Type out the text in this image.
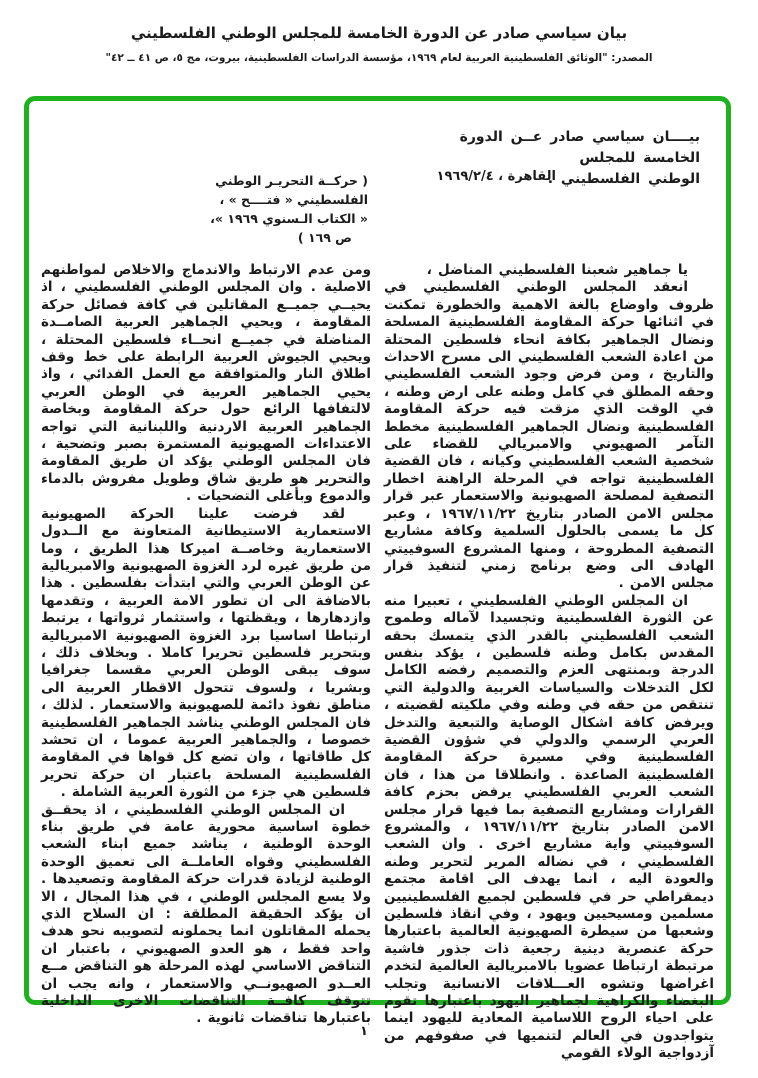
بيان سياسي صادر عن الدورة الخامسة للمجلس الوطني الفلسطيني
المصدر: "الوثائق الفلسطينية العربية لعام ١٩٦٩، مؤسسة الدراسات الفلسطينية، بيروت، مج ٥، ص ٤١ ــ ٤٢"
بيــــان سياسي صادر عــن الدورة الخامسة للمجلس
الوطني الفلسطيني .
القاهرة ، ١٩٦٩/٢/٤
( حركــة التحريـر الوطني
الفلسطيني « فتــــح » ،
« الكتاب الـسنوي ١٩٦٩ »،
ص ١٦٩ )

يا جماهير شعبنا الفلسطيني المناضل ،

انعقد المجلس الوطني الفلسطيني في ظروف واوضاع بالغة الاهمية والخطورة تمكنت في اثنائها حركة المقاومة الفلسطينية المسلحة ونضال الجماهير بكافة انحاء فلسطين المحتلة من اعادة الشعب الفلسطيني الى مسرح الاحداث والتاريخ ، ومن فرض وجود الشعب الفلسطيني وحقه المطلق في كامل وطنه على ارض وطنه ، في الوقت الذي مزقت فيه حركة المقاومة الفلسطينية ونضال الجماهير الفلسطينية مخطط التآمر الصهيوني والامبريالي للقضاء على شخصية الشعب الفلسطيني وكيانه ، فان القضية الفلسطينية تواجه في المرحلة الراهنة اخطار التصفية لمصلحة الصهيونية والاستعمار عبر قرار مجلس الامن الصادر بتاريخ ١٩٦٧/١١/٢٢ ، وعبر كل ما يسمى بالحلول السلمية وكافة مشاريع التصفية المطروحة ، ومنها المشروع السوفييتي الهادف الى وضع برنامج زمني لتنفيذ قرار مجلس الامن .

ان المجلس الوطني الفلسطيني ، تعبيرا منه عن الثورة الفلسطينية وتجسيدا لآماله وطموح الشعب الفلسطيني بالقدر الذي يتمسك بحقه المقدس بكامل وطنه فلسطين ، يؤكد بنفس الدرجة وبمنتهى العزم والتصميم رفضه الكامل لكل التدخلات والسياسات الغربية والدولية التي تنتقص من حقه في وطنه وفي ملكيته لقضيته ، ويرفض كافة اشكال الوصاية والتبعية والتدخل العربي الرسمي والدولي في شؤون القضية الفلسطينية وفي مسيرة حركة المقاومة الفلسطينية الصاعدة . وانطلاقا من هذا ، فان الشعب العربي الفلسطيني يرفض بحزم كافة القرارات ومشاريع التصفية بما فيها قرار مجلس الامن الصادر بتاريخ ١٩٦٧/١١/٢٢ ، والمشروع السوفييتي واية مشاريع اخرى . وان الشعب الفلسطيني ، في نضاله المرير لتحرير وطنه والعودة اليه ، انما يهدف الى اقامة مجتمع ديمقراطي حر في فلسطين لجميع الفلسطينيين مسلمين ومسيحيين ويهود ، وفي انقاذ فلسطين وشعبها من سيطرة الصهيونية العالمية باعتبارها حركة عنصرية دينية رجعية ذات جذور فاشية مرتبطة ارتباطا عضويا بالامبريالية العالمية لتخدم اغراضها وتشوه العـــلاقات الانسانية وتجلب البغضاء والكراهية لجماهير اليهود باعتبارها تقوم على احياء الروح اللاسامية المعادية لليهود اينما يتواجدون في العالم لتنميها في صفوفهم من آزدواجية الولاء القومي

ومن عدم الارتباط والاندماج والاخلاص لمواطنهم الاصلية . وان المجلس الوطني الفلسطيني ، اذ يحيــي جميــع المقاتلين في كافة فصائل حركة المقاومة ، ويحيي الجماهير العربية الصامــدة المناضلة في جميــع انحــاء فلسطين المحتلة ، ويحيي الجيوش العربية الرابطة على خط وقف اطلاق النار والمتوافقة مع العمل الفدائي ، واذ يحيي الجماهير العربية في الوطن العربي لالتفافها الرائع حول حركة المقاومة وبخاصة الجماهير العربية الاردنية واللبنانية التي تواجه الاعتداءات الصهيونية المستمرة بصبر وتضحية ، فان المجلس الوطني يؤكد ان طريق المقاومة والتحرير هو طريق شاق وطويل مفروش بالدماء والدموع وبأغلى التضحيات .

لقد فرضت علينا الحركة الصهيونية الاستعمارية الاستيطانية المتعاونة مع الــدول الاستعمارية وخاصــة اميركا هذا الطريق ، وما من طريق غيره لرد الغزوة الصهيونية والامبريالية عن الوطن العربي والتي ابتدأت بفلسطين . هذا بالاضافة الى ان تطور الامة العربية ، وتقدمها وازدهارها ، ويقظتها ، واستثمار ثرواتها ، يرتبط ارتباطا اساسيا برد الغزوة الصهيونية الامبريالية وبتحرير فلسطين تحريرا كاملا . وبخلاف ذلك ، سوف يبقى الوطن العربي مقسما جغرافيا وبشريا ، ولسوف تتحول الاقطار العربية الى مناطق نفوذ دائمة للصهيونية والاستعمار . لذلك ، فان المجلس الوطني يناشد الجماهير الفلسطينية خصوصا ، والجماهير العربية عموما ، ان تحشد كل طاقاتها ، وان تضع كل قواها في المقاومة الفلسطينية المسلحة باعتبار ان حركة تحرير فلسطين هي جزء من الثورة العربية الشاملة .

ان المجلس الوطني الفلسطيني ، اذ يحقــق خطوة اساسية محورية عامة في طريق بناء الوحدة الوطنية ، يناشد جميع ابناء الشعب الفلسطيني وقواه العاملــة الى تعميق الوحدة الوطنية لزيادة قدرات حركة المقاومة وتصعيدها . ولا يسع المجلس الوطني ، في هذا المجال ، الا ان يؤكد الحقيقة المطلقة : ان السلاح الذي يحمله المقاتلون انما يحملونه لتصويبه نحو هدف واحد فقط ، هو العدو الصهيوني ، باعتبار ان التناقض الاساسي لهذه المرحلة هو التناقض مــع العــدو الصهيونــي والاستعمار ، وانه يجب ان تتوقف كافــة التناقضات الاخرى الداخلية باعتبارها تناقضات ثانوية .

١
